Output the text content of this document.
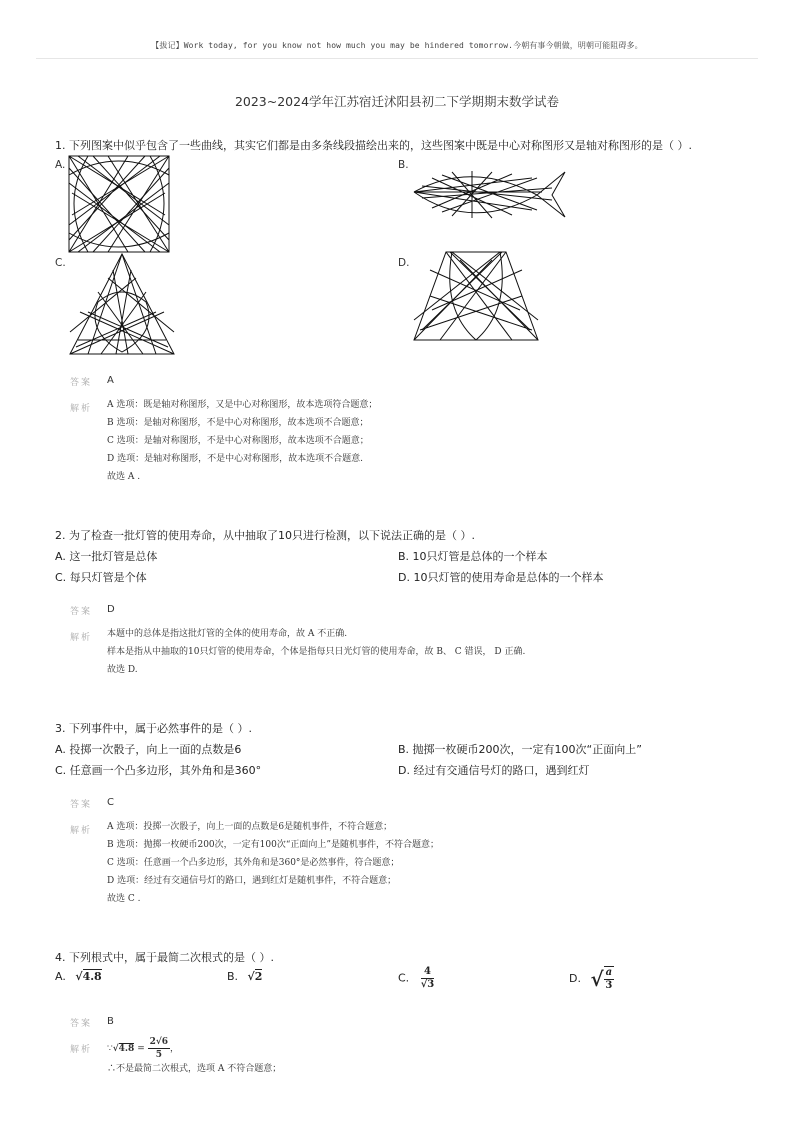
【拔记】Work today, for you know not how much you may be hindered tomorrow.今朝有事今朝做，明朝可能阻碍多。
2023~2024学年江苏宿迁沭阳县初二下学期期末数学试卷
1. 下列图案中似乎包含了一些曲线，其实它们都是由多条线段描绘出来的，这些图案中既是中心对称图形又是轴对称图形的是（ ）.
A.	B.
C.	D.
答案 A
解析 A 选项：既是轴对称图形，又是中心对称图形，故本选项符合题意；
B 选项：是轴对称图形，不是中心对称图形，故本选项不合题意；
C 选项：是轴对称图形，不是中心对称图形，故本选项不合题意；
D 选项：是轴对称图形，不是中心对称图形，故本选项不合题意.
故选 A .
2. 为了检查一批灯管的使用寿命，从中抽取了10只进行检测，以下说法正确的是（ ）.
A. 这一批灯管是总体	B. 10只灯管是总体的一个样本
C. 每只灯管是个体	D. 10只灯管的使用寿命是总体的一个样本
答案 D
解析 本题中的总体是指这批灯管的全体的使用寿命，故 A 不正确.
样本是指从中抽取的10只灯管的使用寿命，个体是指每只日光灯管的使用寿命，故 B、 C 错误， D 正确.
故选 D.
3. 下列事件中，属于必然事件的是（ ）.
A. 投掷一次骰子，向上一面的点数是6	B. 抛掷一枚硬币200次，一定有100次“正面向上”
C. 任意画一个凸多边形，其外角和是360°	D. 经过有交通信号灯的路口，遇到红灯
答案 C
解析 A 选项：投掷一次骰子，向上一面的点数是6是随机事件，不符合题意；
B 选项：抛掷一枚硬币200次，一定有100次“正面向上”是随机事件，不符合题意；
C 选项：任意画一个凸多边形，其外角和是360°是必然事件，符合题意；
D 选项：经过有交通信号灯的路口，遇到红灯是随机事件，不符合题意；
故选 C .
4. 下列根式中，属于最简二次根式的是（ ）.
A. √4.8	B. √2	C. $\frac{4}{√3}$	D. √ $\frac{a}{3}$
答案 B
解析 ∵√4.8 = $\frac{2√6}{5}$ ，
∴不是最简二次根式，选项 A 不符合题意；
